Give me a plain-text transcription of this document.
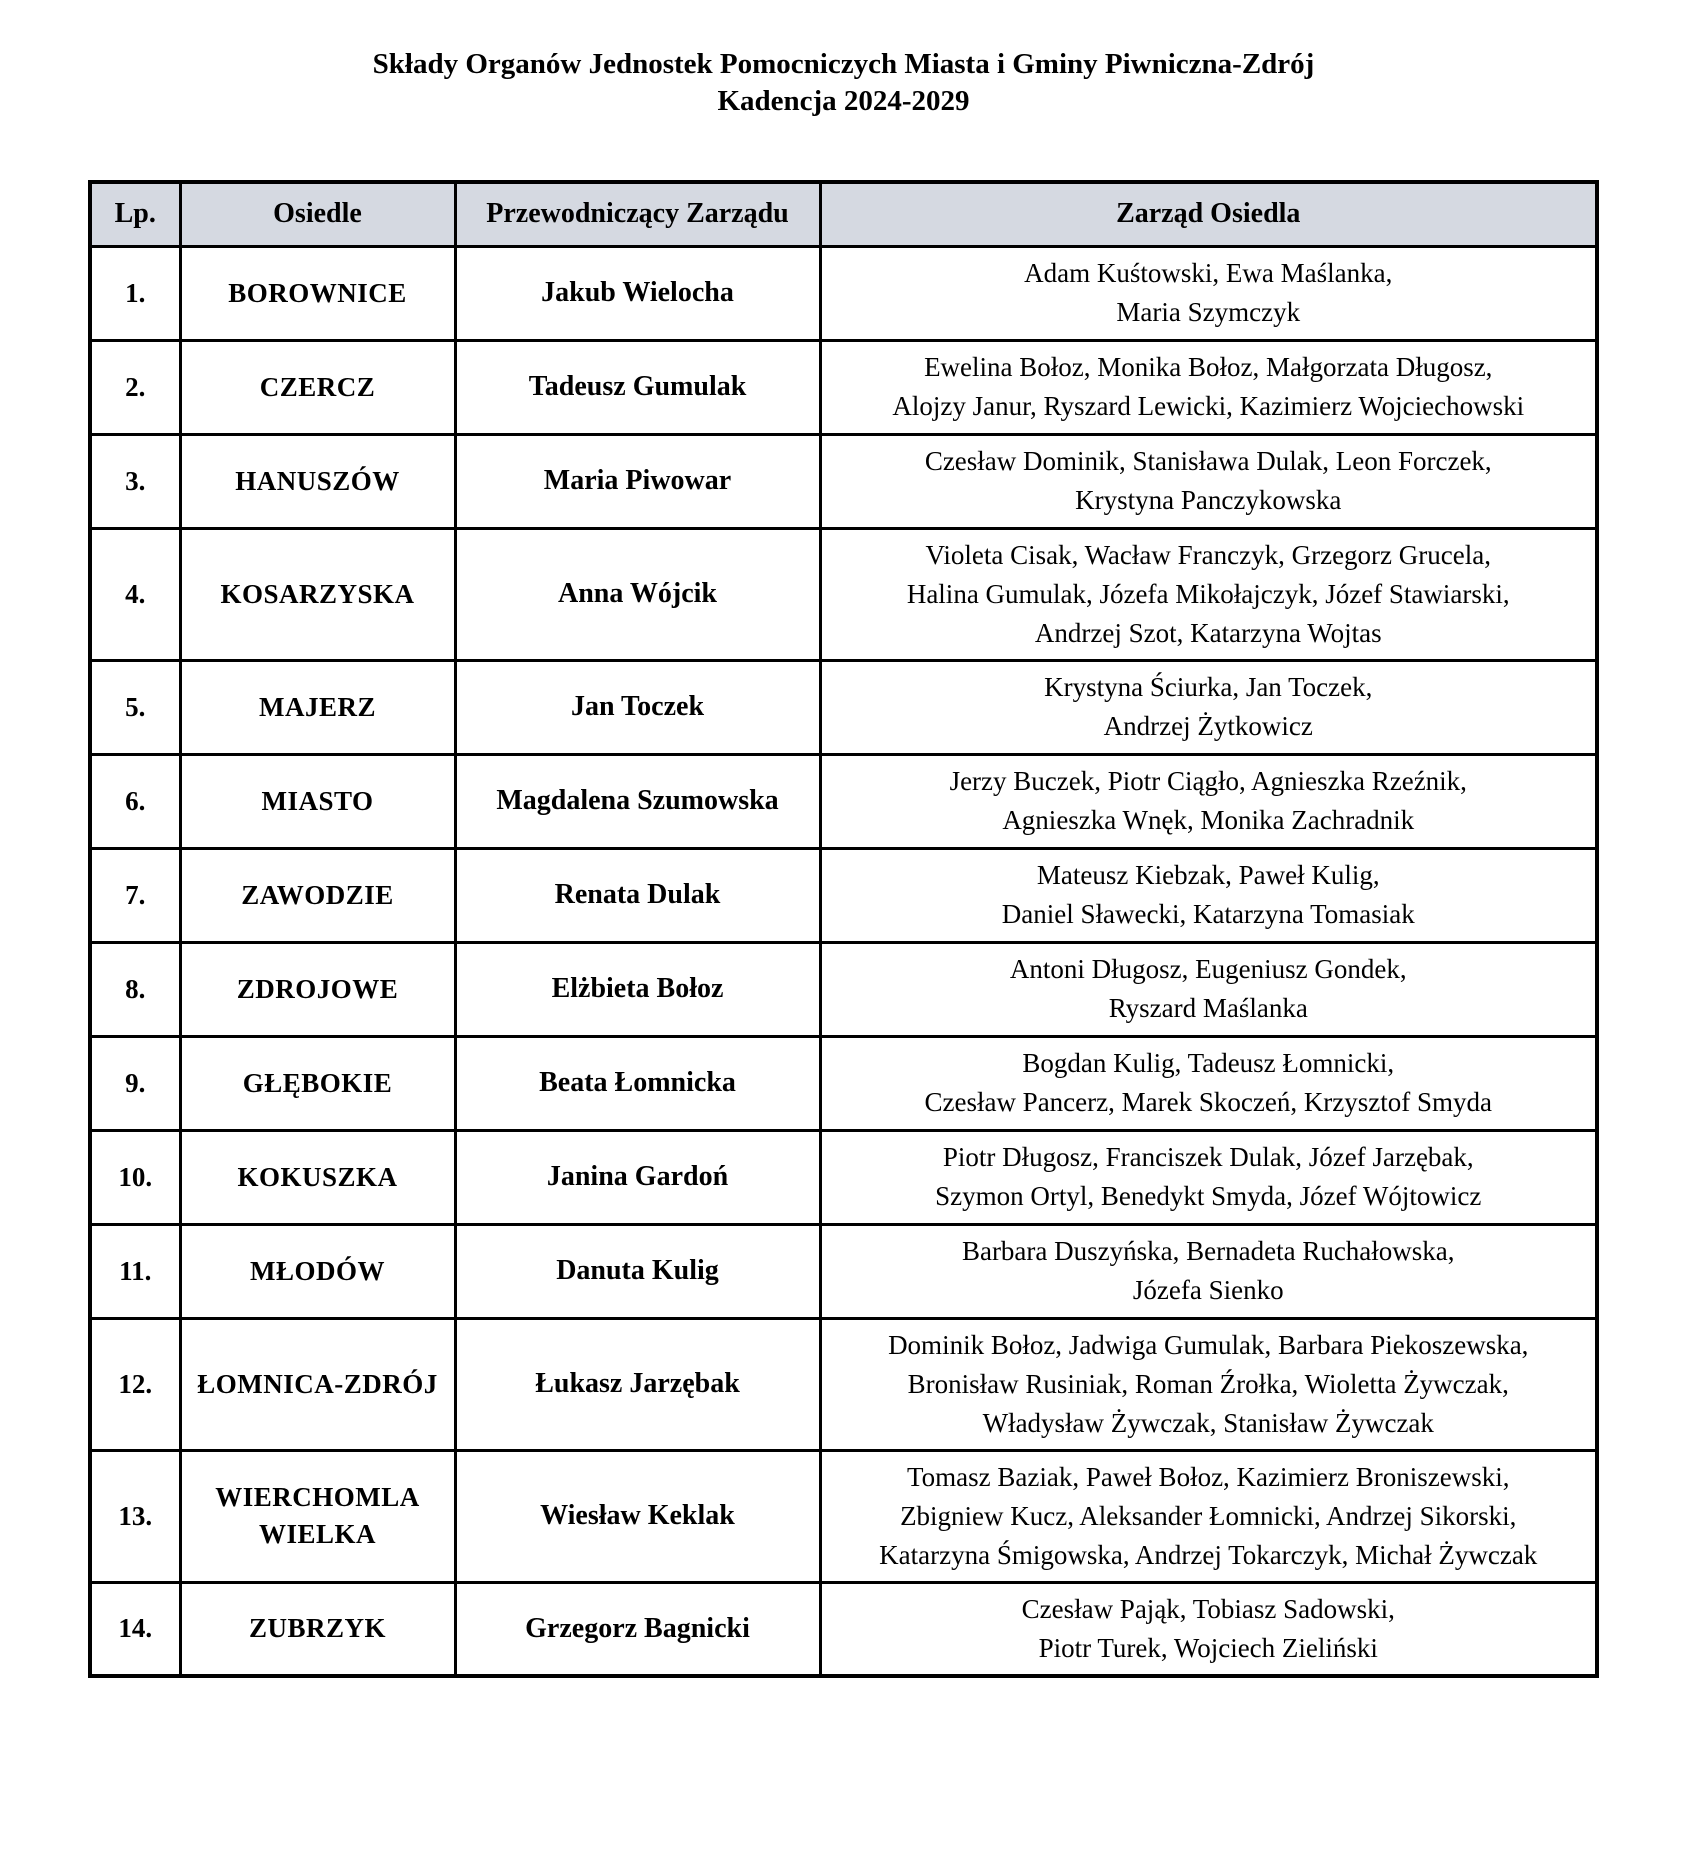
Składy Organów Jednostek Pomocniczych Miasta i Gminy Piwniczna-Zdrój
Kadencja 2024-2029
Lp.	Osiedle	Przewodniczący Zarządu	Zarząd Osiedla
1.	BOROWNICE	Jakub Wielocha	Adam Kuśtowski, Ewa Maślanka,
Maria Szymczyk

2.	CZERCZ	Tadeusz Gumulak	Ewelina Bołoz, Monika Bołoz, Małgorzata Długosz,
Alojzy Janur, Ryszard Lewicki, Kazimierz Wojciechowski

3.	HANUSZÓW	Maria Piwowar	Czesław Dominik, Stanisława Dulak, Leon Forczek,
Krystyna Panczykowska

4.	KOSARZYSKA	Anna Wójcik	Violeta Cisak, Wacław Franczyk, Grzegorz Grucela,
Halina Gumulak, Józefa Mikołajczyk, Józef Stawiarski,
Andrzej Szot, Katarzyna Wojtas

5.	MAJERZ	Jan Toczek	Krystyna Ściurka, Jan Toczek,
Andrzej Żytkowicz

6.	MIASTO	Magdalena Szumowska	Jerzy Buczek, Piotr Ciągło, Agnieszka Rzeźnik,
Agnieszka Wnęk, Monika Zachradnik

7.	ZAWODZIE	Renata Dulak	Mateusz Kiebzak, Paweł Kulig,
Daniel Sławecki, Katarzyna Tomasiak

8.	ZDROJOWE	Elżbieta Bołoz	Antoni Długosz, Eugeniusz Gondek,
Ryszard Maślanka

9.	GŁĘBOKIE	Beata Łomnicka	Bogdan Kulig, Tadeusz Łomnicki,
Czesław Pancerz, Marek Skoczeń, Krzysztof Smyda

10.	KOKUSZKA	Janina Gardoń	Piotr Długosz, Franciszek Dulak, Józef Jarzębak,
Szymon Ortyl, Benedykt Smyda, Józef Wójtowicz

11.	MŁODÓW	Danuta Kulig	Barbara Duszyńska, Bernadeta Ruchałowska,
Józefa Sienko

12.	ŁOMNICA-ZDRÓJ	Łukasz Jarzębak	Dominik Bołoz, Jadwiga Gumulak, Barbara Piekoszewska,
Bronisław Rusiniak, Roman Źrołka, Wioletta Żywczak,
Władysław Żywczak, Stanisław Żywczak

13.	WIERCHOMLA WIELKA	Wiesław Keklak	Tomasz Baziak, Paweł Bołoz, Kazimierz Broniszewski,
Zbigniew Kucz, Aleksander Łomnicki, Andrzej Sikorski,
Katarzyna Śmigowska, Andrzej Tokarczyk, Michał Żywczak

14.	ZUBRZYK	Grzegorz Bagnicki	Czesław Pająk, Tobiasz Sadowski,
Piotr Turek, Wojciech Zieliński
